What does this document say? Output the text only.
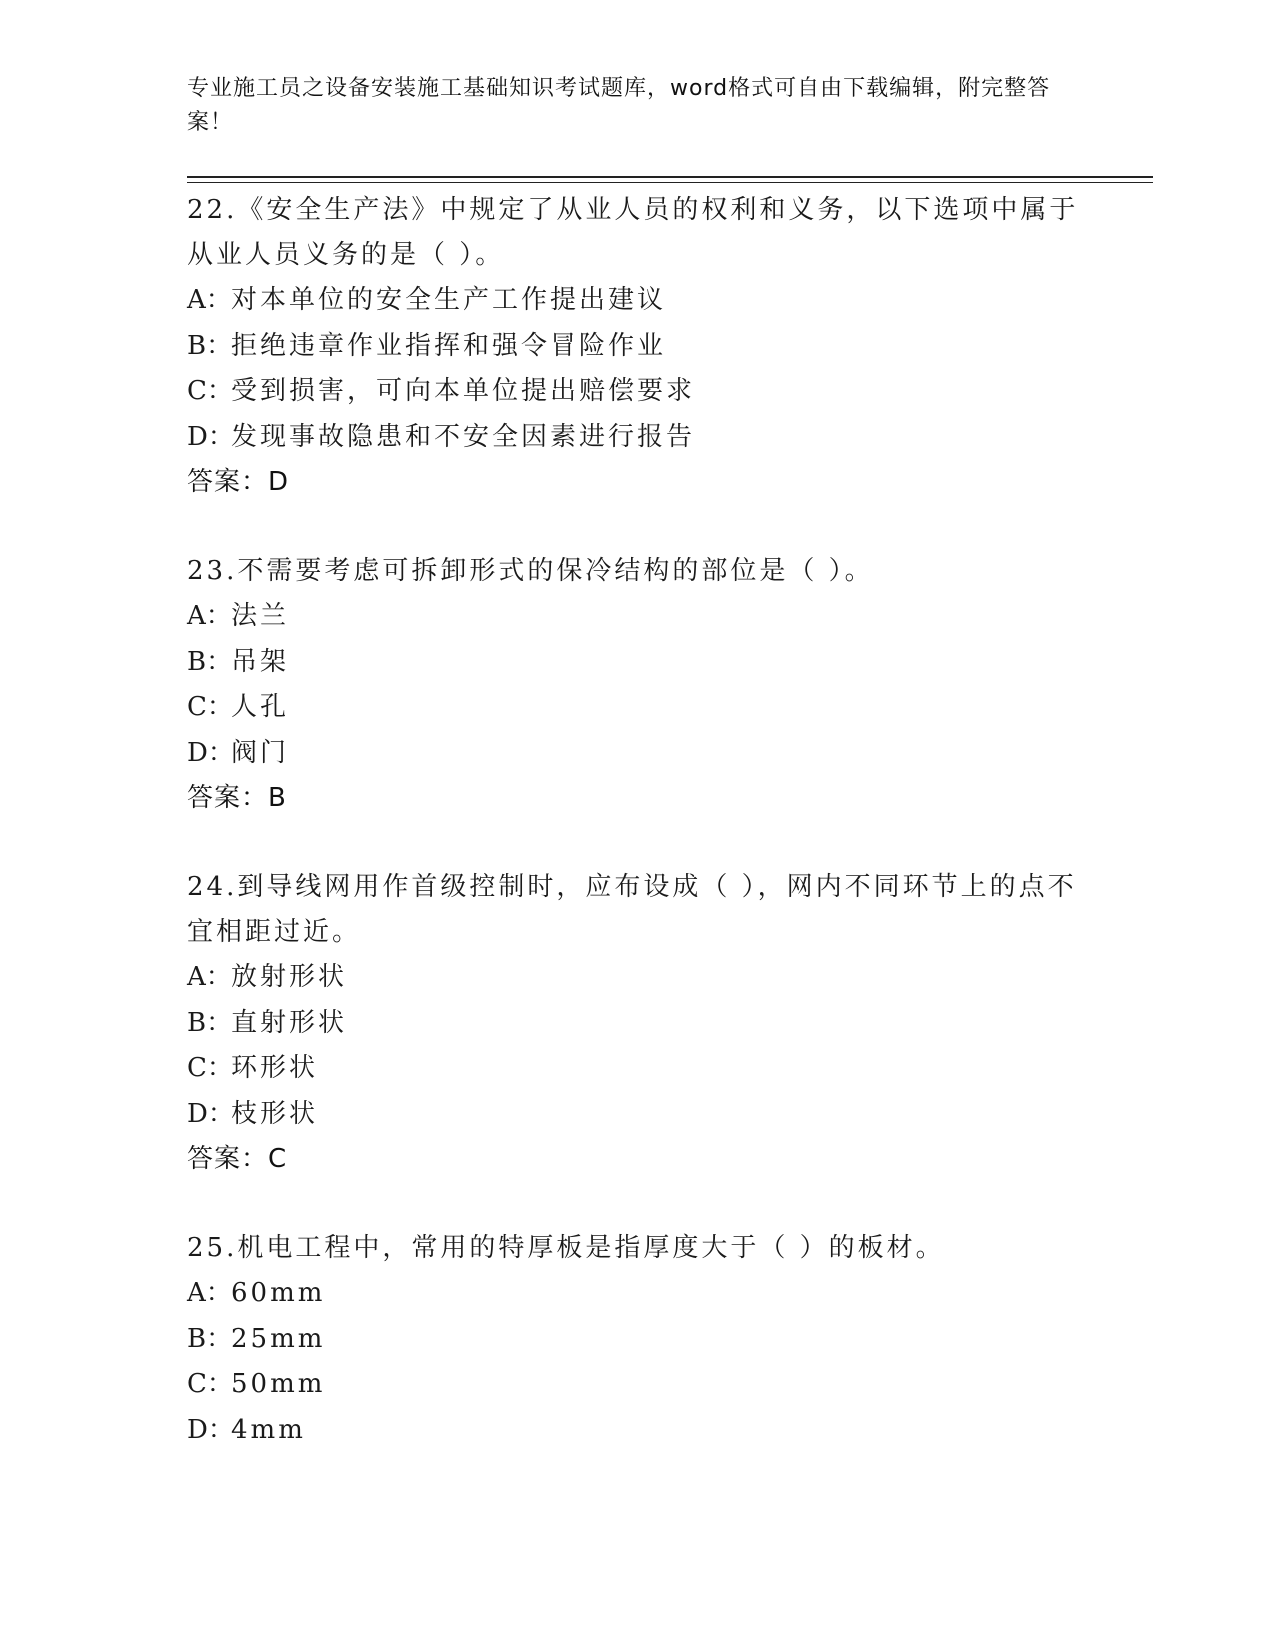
专业施工员之设备安装施工基础知识考试题库，word格式可自由下载编辑，附完整答案！
22.《安全生产法》中规定了从业人员的权利和义务，以下选项中属于从业人员义务的是（ ）。
A：对本单位的安全生产工作提出建议
B：拒绝违章作业指挥和强令冒险作业
C：受到损害，可向本单位提出赔偿要求
D：发现事故隐患和不安全因素进行报告
答案：D
23.不需要考虑可拆卸形式的保冷结构的部位是（ ）。
A：法兰
B：吊架
C：人孔
D：阀门
答案：B
24.到导线网用作首级控制时，应布设成（ ），网内不同环节上的点不宜相距过近。
A：放射形状
B：直射形状
C：环形状
D：枝形状
答案：C
25.机电工程中，常用的特厚板是指厚度大于（ ）的板材。
A：60mm
B：25mm
C：50mm
D：4mm
